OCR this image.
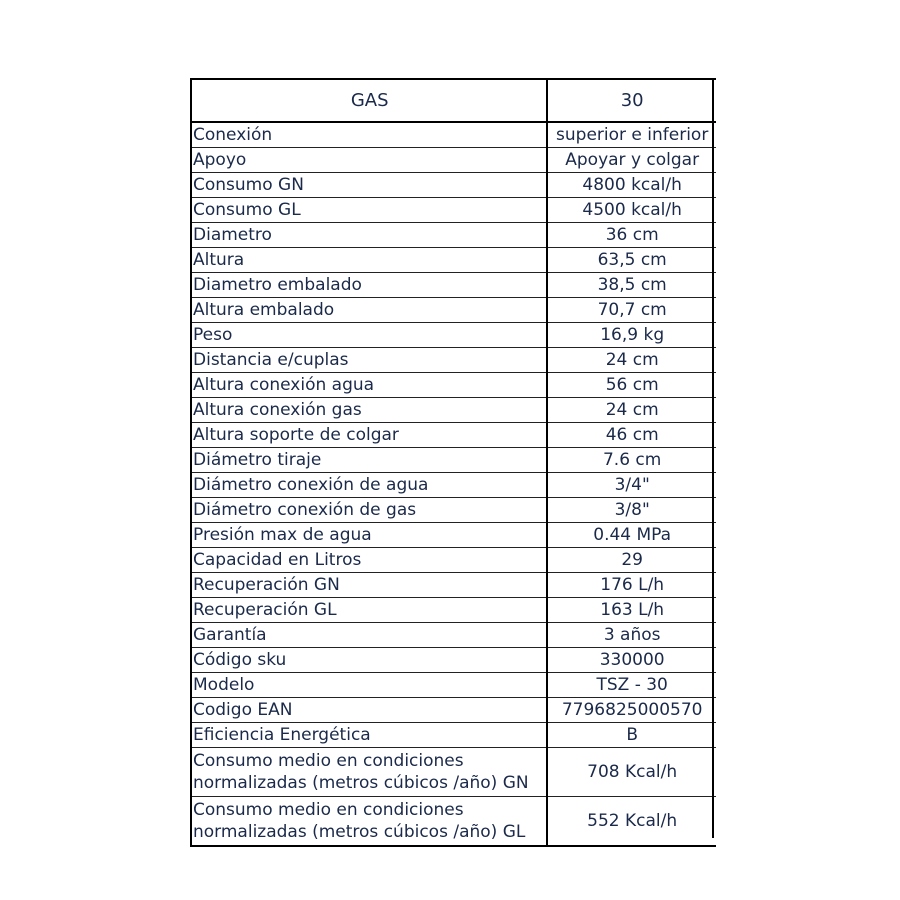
GAS	30
Conexión	superior e inferior
Apoyo	Apoyar y colgar
Consumo GN	4800 kcal/h
Consumo GL	4500 kcal/h
Diametro	36 cm
Altura	63,5 cm
Diametro embalado	38,5 cm
Altura embalado	70,7 cm
Peso	16,9 kg
Distancia e/cuplas	24 cm
Altura conexión agua	56 cm
Altura conexión gas	24 cm
Altura soporte de colgar	46 cm
Diámetro tiraje	7.6 cm
Diámetro conexión de agua	3/4"
Diámetro conexión de gas	3/8"
Presión max de agua	0.44 MPa
Capacidad en Litros	29
Recuperación GN	176 L/h
Recuperación GL	163 L/h
Garantía	3 años
Código sku	330000
Modelo	TSZ - 30
Codigo EAN	7796825000570
Eficiencia Energética	B

Consumo medio en condiciones
normalizadas (metros cúbicos /año) GN	708 Kcal/h

Consumo medio en condiciones
normalizadas (metros cúbicos /año) GL	552 Kcal/h
